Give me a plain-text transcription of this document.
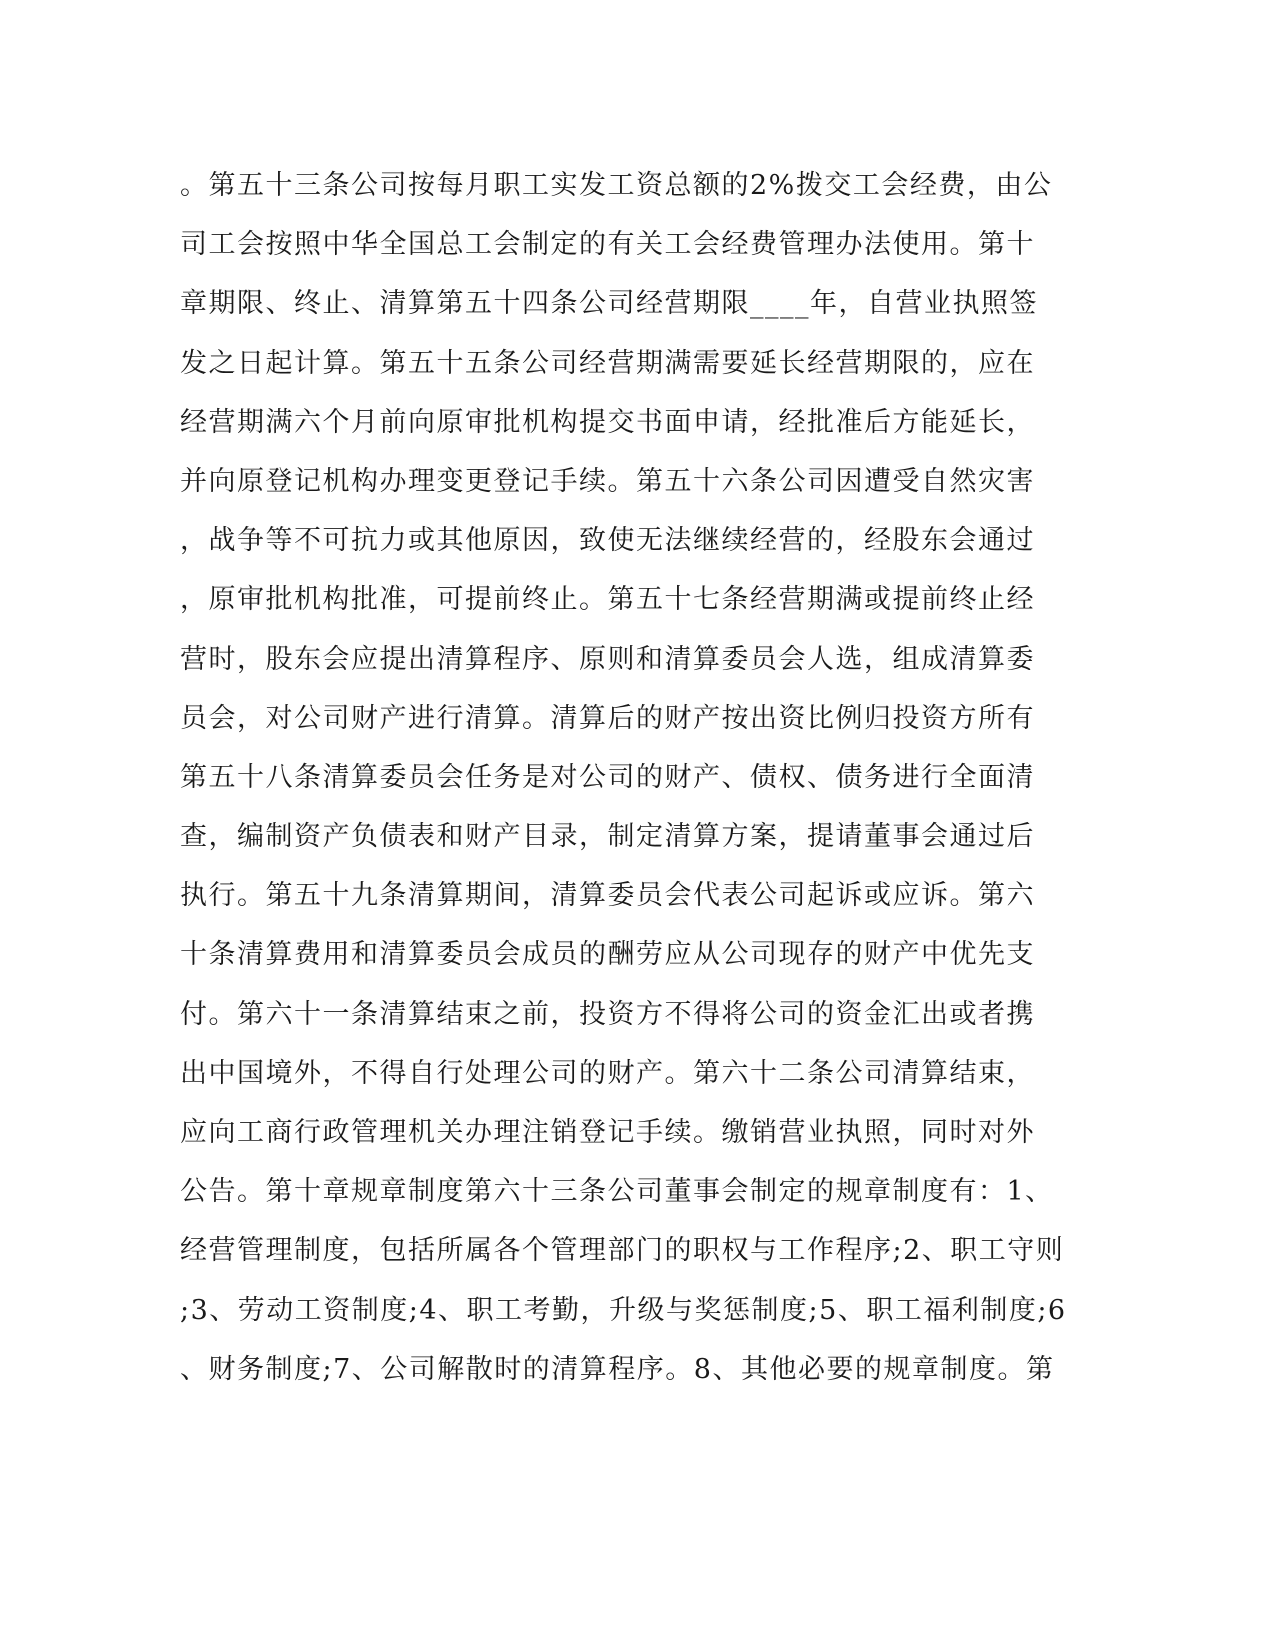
。第五十三条公司按每月职工实发工资总额的2%拨交工会经费，由公
司工会按照中华全国总工会制定的有关工会经费管理办法使用。第十
章期限、终止、清算第五十四条公司经营期限____年，自营业执照签
发之日起计算。第五十五条公司经营期满需要延长经营期限的，应在
经营期满六个月前向原审批机构提交书面申请，经批准后方能延长，
并向原登记机构办理变更登记手续。第五十六条公司因遭受自然灾害
，战争等不可抗力或其他原因，致使无法继续经营的，经股东会通过
，原审批机构批准，可提前终止。第五十七条经营期满或提前终止经
营时，股东会应提出清算程序、原则和清算委员会人选，组成清算委
员会，对公司财产进行清算。清算后的财产按出资比例归投资方所有
第五十八条清算委员会任务是对公司的财产、债权、债务进行全面清
查，编制资产负债表和财产目录，制定清算方案，提请董事会通过后
执行。第五十九条清算期间，清算委员会代表公司起诉或应诉。第六
十条清算费用和清算委员会成员的酬劳应从公司现存的财产中优先支
付。第六十一条清算结束之前，投资方不得将公司的资金汇出或者携
出中国境外，不得自行处理公司的财产。第六十二条公司清算结束，
应向工商行政管理机关办理注销登记手续。缴销营业执照，同时对外
公告。第十章规章制度第六十三条公司董事会制定的规章制度有：1、
经营管理制度，包括所属各个管理部门的职权与工作程序;2、职工守则
;3、劳动工资制度;4、职工考勤，升级与奖惩制度;5、职工福利制度;6
、财务制度;7、公司解散时的清算程序。8、其他必要的规章制度。第
